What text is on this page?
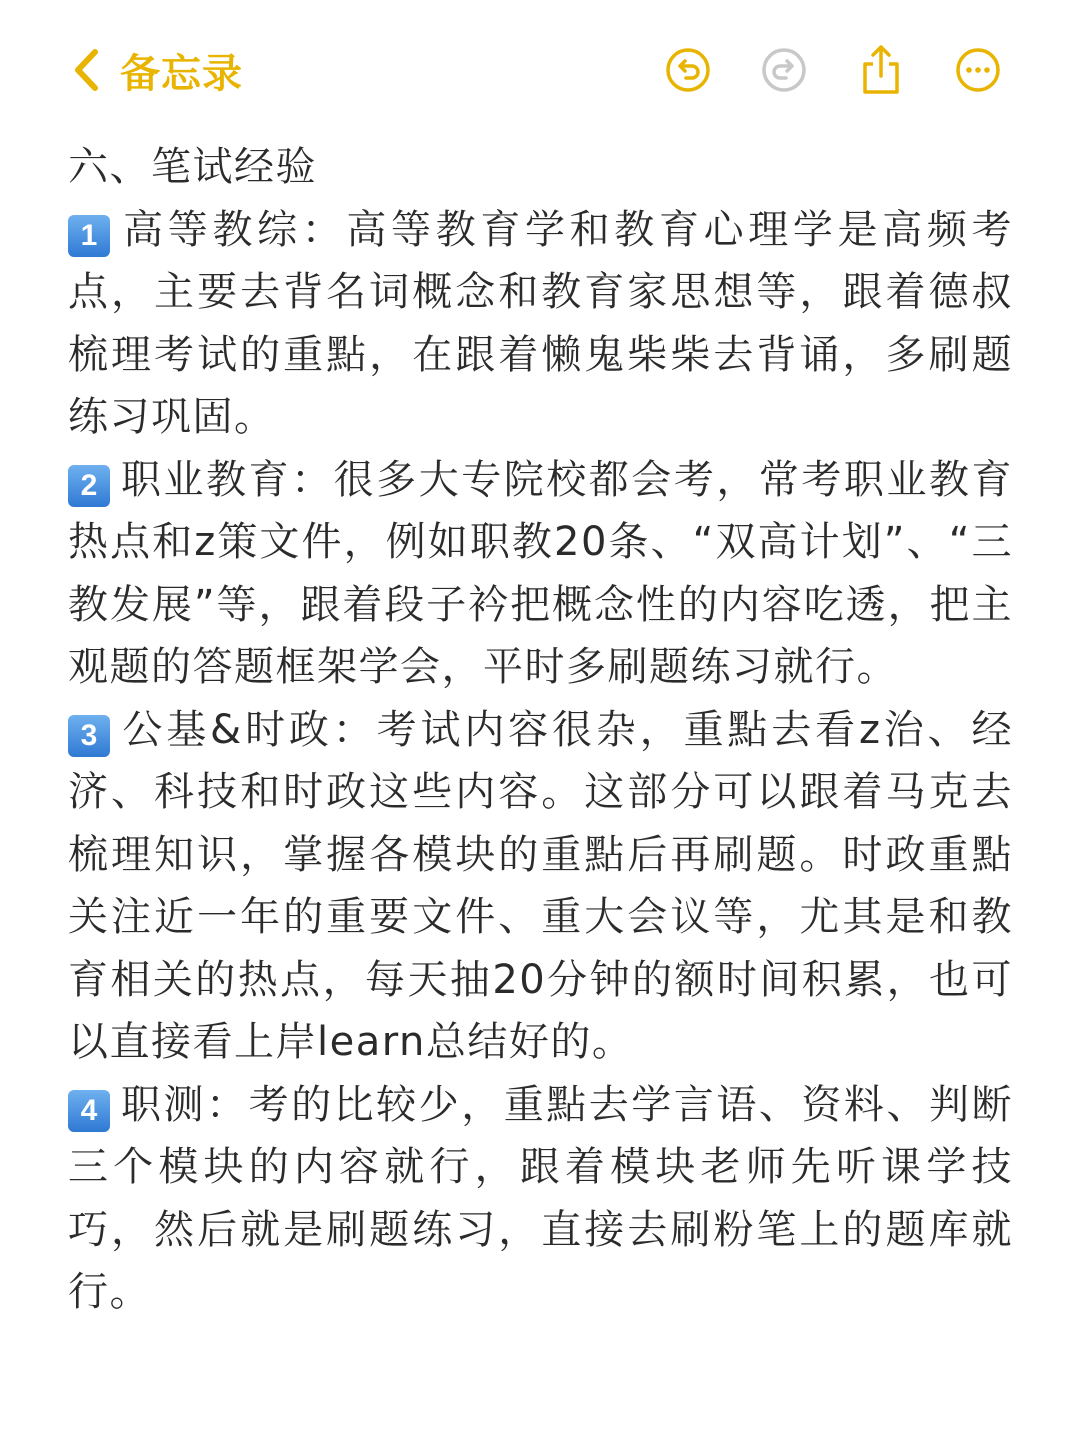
备忘录

六、笔试经验

1 高等教综：高等教育学和教育心理学是高频考点，主要去背名词概念和教育家思想等，跟着德叔梳理考试的重點，在跟着懒鬼柴柴去背诵，多刷题练习巩固。

2 职业教育：很多大专院校都会考，常考职业教育热点和z策文件，例如职教20条、“双高计划”、“三教发展”等，跟着段子衿把概念性的内容吃透，把主观题的答题框架学会，平时多刷题练习就行。

3 公基&时政：考试内容很杂，重點去看z治、经济、科技和时政这些内容。这部分可以跟着马克去梳理知识，掌握各模块的重點后再刷题。时政重點关注近一年的重要文件、重大会议等，尤其是和教育相关的热点，每天抽20分钟的额时间积累，也可以直接看上岸learn总结好的。

4 职测：考的比较少，重點去学言语、资料、判断三个模块的内容就行，跟着模块老师先听课学技巧，然后就是刷题练习，直接去刷粉笔上的题库就行。
